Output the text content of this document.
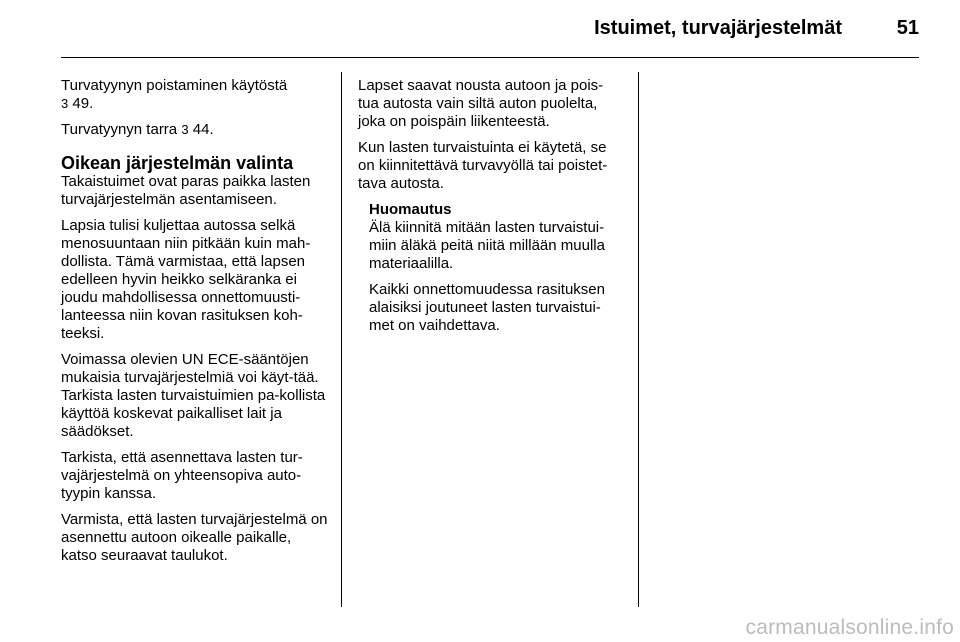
Istuimet, turvajärjestelmät	51

Turvatyynyn poistaminen käytöstä
3 49.

Turvatyynyn tarra 3 44.

Oikean järjestelmän valinta

Takaistuimet ovat paras paikka lasten turvajärjestelmän asentamiseen.

Lapsia tulisi kuljettaa autossa selkä menosuuntaan niin pitkään kuin mah-dollista. Tämä varmistaa, että lapsen edelleen hyvin heikko selkäranka ei joudu mahdollisessa onnettomuusti-lanteessa niin kovan rasituksen koh-teeksi.

Voimassa olevien UN ECE-sääntöjen mukaisia turvajärjestelmiä voi käyt-tää. Tarkista lasten turvaistuimien pa-kollista käyttöä koskevat paikalliset lait ja säädökset.

Tarkista, että asennettava lasten tur-vajärjestelmä on yhteensopiva auto-tyypin kanssa.

Varmista, että lasten turvajärjestelmä on asennettu autoon oikealle paikalle, katso seuraavat taulukot.

Lapset saavat nousta autoon ja pois-tua autosta vain siltä auton puolelta, joka on poispäin liikenteestä.

Kun lasten turvaistuinta ei käytetä, se on kiinnitettävä turvavyöllä tai poistet-tava autosta.

Huomautus

Älä kiinnitä mitään lasten turvaistui-miin äläkä peitä niitä millään muulla materiaalilla.

Kaikki onnettomuudessa rasituksen alaisiksi joutuneet lasten turvaistui-met on vaihdettava.

carmanualsonline.info
